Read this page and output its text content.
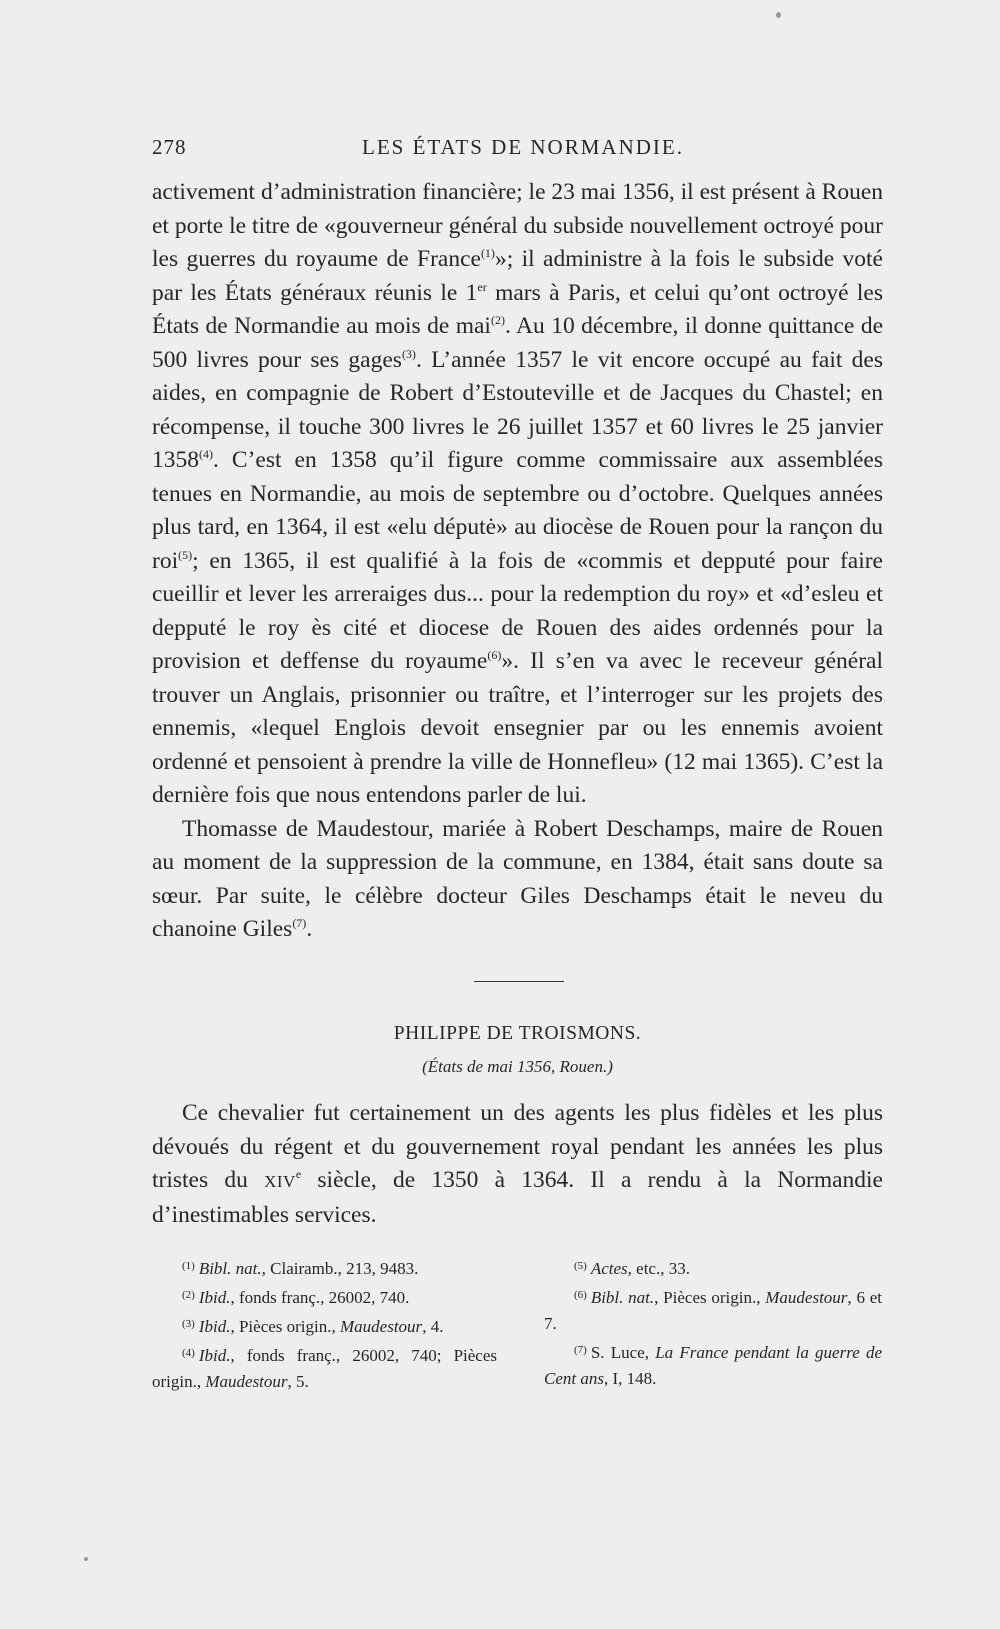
278	LES ÉTATS DE NORMANDIE.

activement d’administration financière; le 23 mai 1356, il est présent à Rouen et porte le titre de «gouverneur général du subside nouvellement octroyé pour les guerres du royaume de France$^{(1)}$»; il administre à la fois le subside voté par les États généraux réunis le 1er mars à Paris, et celui qu’ont octroyé les États de Normandie au mois de mai$^{(2)}$. Au 10 décembre, il donne quittance de 500 livres pour ses gages$^{(3)}$. L’année 1357 le vit encore occupé au fait des aides, en compagnie de Robert d’Estouteville et de Jacques du Chastel; en récompense, il touche 300 livres le 26 juillet 1357 et 60 livres le 25 janvier 1358$^{(4)}$. C’est en 1358 qu’il figure comme commissaire aux assemblées tenues en Normandie, au mois de septembre ou d’octobre. Quelques années plus tard, en 1364, il est «elu députė» au diocèse de Rouen pour la rançon du roi$^{(5)}$; en 1365, il est qualifié à la fois de «commis et depputé pour faire cueillir et lever les arreraiges dus... pour la redemption du roy» et «d’esleu et depputé le roy ès cité et diocese de Rouen des aides ordennés pour la provision et deffense du royaume$^{(6)}$». Il s’en va avec le receveur général trouver un Anglais, prisonnier ou traître, et l’interroger sur les projets des ennemis, «lequel Englois devoit ensegnier par ou les ennemis avoient ordenné et pensoient à prendre la ville de Honnefleu» (12 mai 1365). C’est la dernière fois que nous entendons parler de lui.

Thomasse de Maudestour, mariée à Robert Deschamps, maire de Rouen au moment de la suppression de la commune, en 1384, était sans doute sa sœur. Par suite, le célèbre docteur Giles Deschamps était le neveu du chanoine Giles$^{(7)}$.

PHILIPPE DE TROISMONS.
(États de mai 1356, Rouen.)

Ce chevalier fut certainement un des agents les plus fidèles et les plus dévoués du régent et du gouvernement royal pendant les années les plus tristes du XIVe siècle, de 1350 à 1364. Il a rendu à la Normandie d’inestimables services.

$^{(1)}$ Bibl. nat., Clairamb., 213, 9483.
$^{(2)}$ Ibid., fonds franç., 26002, 740.
$^{(3)}$ Ibid., Pièces origin., Maudestour, 4.
$^{(4)}$ Ibid., fonds franç., 26002, 740; Pièces origin., Maudestour, 5.
$^{(5)}$ Actes, etc., 33.
$^{(6)}$ Bibl. nat., Pièces origin., Maudestour, 6 et 7.
$^{(7)}$ S. Luce, La France pendant la guerre de Cent ans, I, 148.
